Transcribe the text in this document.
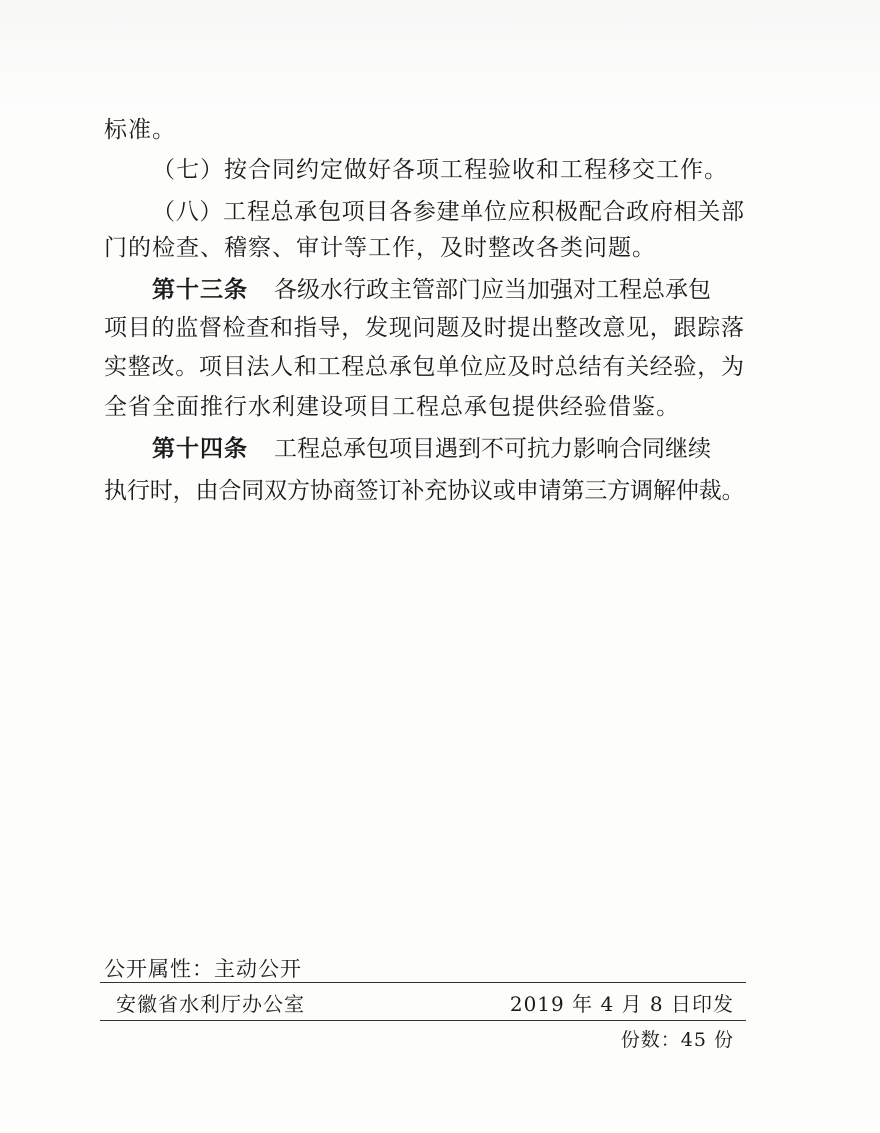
标准。
（七）按合同约定做好各项工程验收和工程移交工作。
（八）工程总承包项目各参建单位应积极配合政府相关部
门的检查、稽察、审计等工作，及时整改各类问题。
第十三条 各级水行政主管部门应当加强对工程总承包
项目的监督检查和指导，发现问题及时提出整改意见，跟踪落
实整改。项目法人和工程总承包单位应及时总结有关经验，为
全省全面推行水利建设项目工程总承包提供经验借鉴。
第十四条 工程总承包项目遇到不可抗力影响合同继续
执行时，由合同双方协商签订补充协议或申请第三方调解仲裁。
公开属性：主动公开
安徽省水利厅办公室	2019 年 4 月 8 日印发
份数：45 份
